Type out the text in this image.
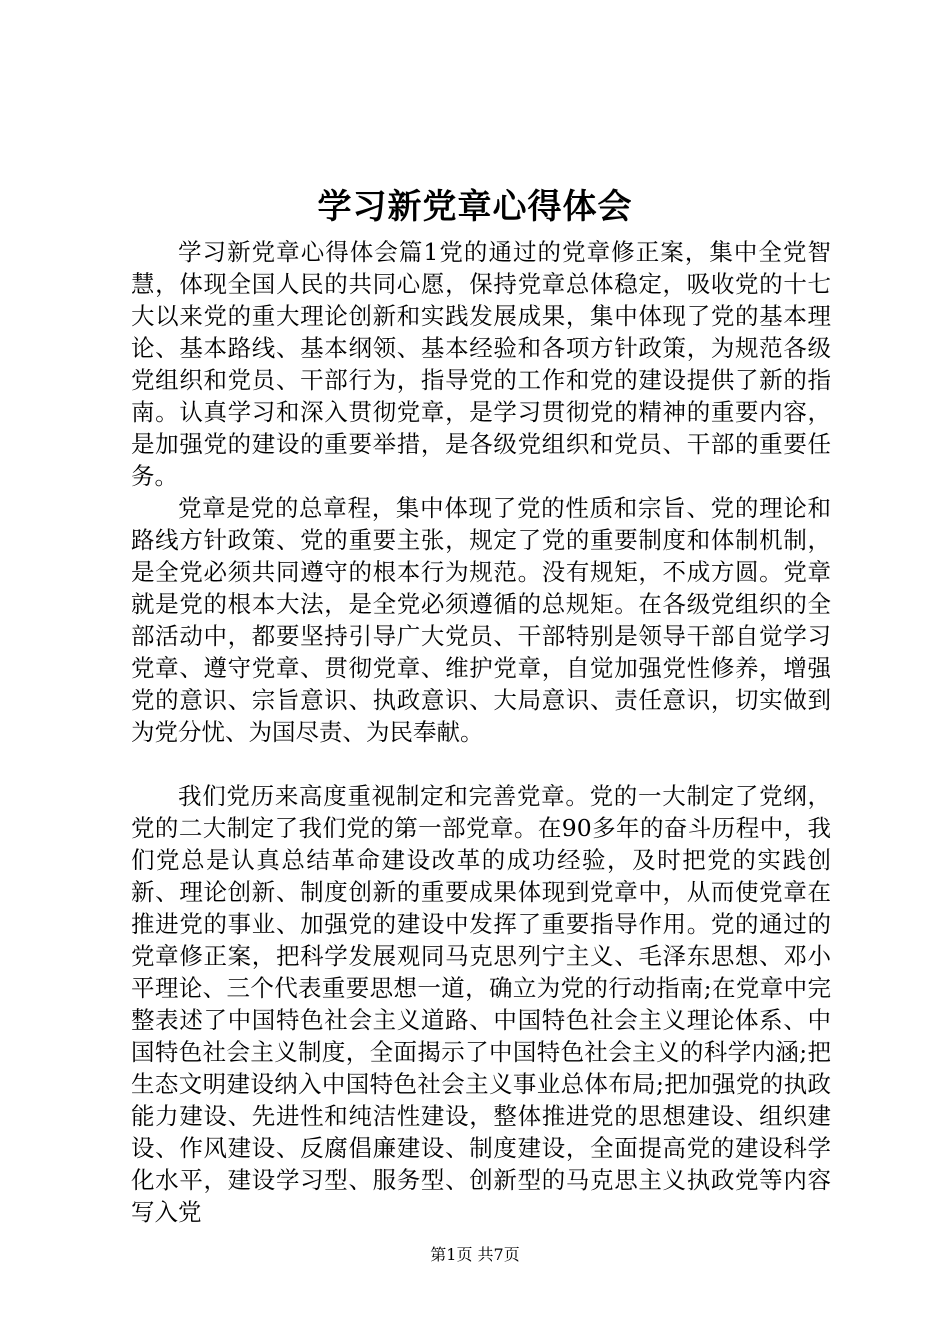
学习新党章心得体会

学习新党章心得体会篇1党的通过的党章修正案，集中全党智慧，体现全国人民的共同心愿，保持党章总体稳定，吸收党的十七大以来党的重大理论创新和实践发展成果，集中体现了党的基本理论、基本路线、基本纲领、基本经验和各项方针政策，为规范各级党组织和党员、干部行为，指导党的工作和党的建设提供了新的指南。认真学习和深入贯彻党章，是学习贯彻党的精神的重要内容，是加强党的建设的重要举措，是各级党组织和党员、干部的重要任务。

党章是党的总章程，集中体现了党的性质和宗旨、党的理论和路线方针政策、党的重要主张，规定了党的重要制度和体制机制，是全党必须共同遵守的根本行为规范。没有规矩，不成方圆。党章就是党的根本大法，是全党必须遵循的总规矩。在各级党组织的全部活动中，都要坚持引导广大党员、干部特别是领导干部自觉学习党章、遵守党章、贯彻党章、维护党章，自觉加强党性修养，增强党的意识、宗旨意识、执政意识、大局意识、责任意识，切实做到为党分忧、为国尽责、为民奉献。

我们党历来高度重视制定和完善党章。党的一大制定了党纲，党的二大制定了我们党的第一部党章。在90多年的奋斗历程中，我们党总是认真总结革命建设改革的成功经验，及时把党的实践创新、理论创新、制度创新的重要成果体现到党章中，从而使党章在推进党的事业、加强党的建设中发挥了重要指导作用。党的通过的党章修正案，把科学发展观同马克思列宁主义、毛泽东思想、邓小平理论、三个代表重要思想一道，确立为党的行动指南;在党章中完整表述了中国特色社会主义道路、中国特色社会主义理论体系、中国特色社会主义制度，全面揭示了中国特色社会主义的科学内涵;把生态文明建设纳入中国特色社会主义事业总体布局;把加强党的执政能力建设、先进性和纯洁性建设，整体推进党的思想建设、组织建设、作风建设、反腐倡廉建设、制度建设，全面提高党的建设科学化水平，建设学习型、服务型、创新型的马克思主义执政党等内容写入党

第1页 共7页
